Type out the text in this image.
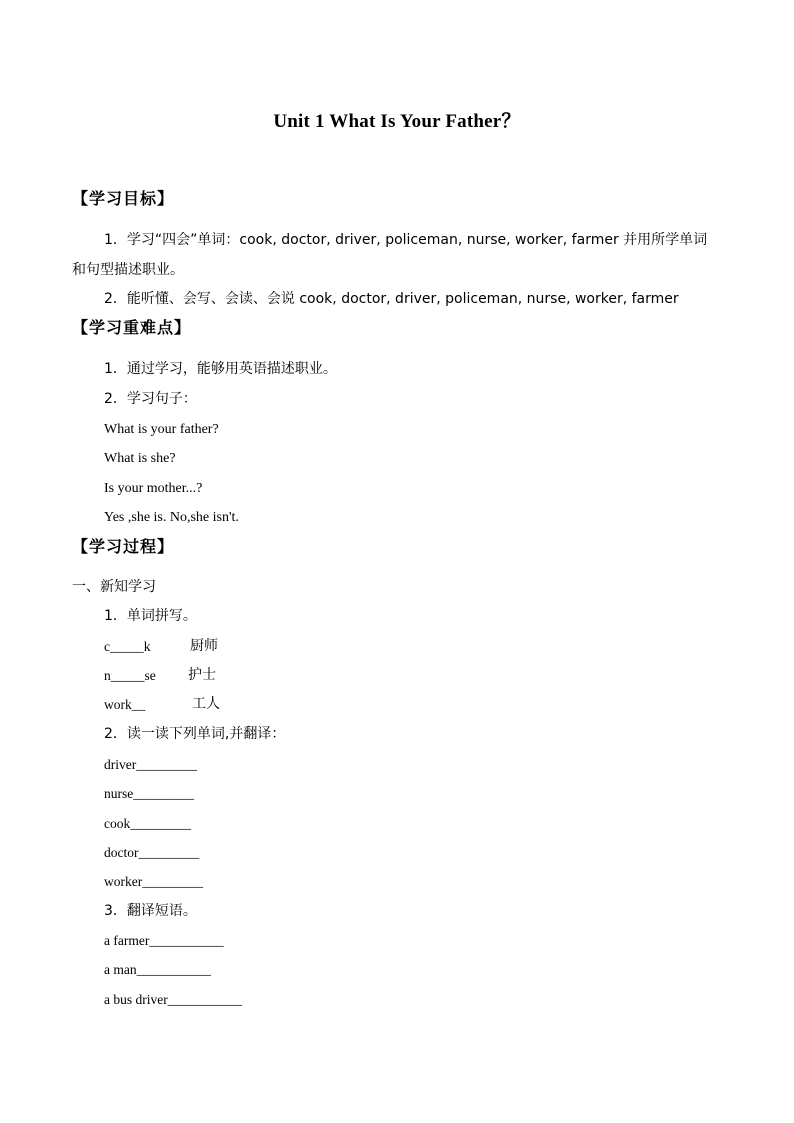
Unit 1 What Is Your Father？
【学习目标】
1．学习“四会”单词：cook, doctor, driver, policeman, nurse, worker, farmer 并用所学单词
和句型描述职业。
2．能听懂、会写、会读、会说 cook, doctor, driver, policeman, nurse, worker, farmer
【学习重难点】
1．通过学习，能够用英语描述职业。
2．学习句子：
What is your father?
What is she?
Is your mother...?
Yes ,she is. No,she isn't.
【学习过程】
一、新知学习
1．单词拼写。
c_____k	厨师
n_____se 护士
work__	工人
2．读一读下列单词,并翻译：
driver_________
nurse_________
cook_________
doctor_________
worker_________
3．翻译短语。
a farmer___________
a man___________
a bus driver___________
